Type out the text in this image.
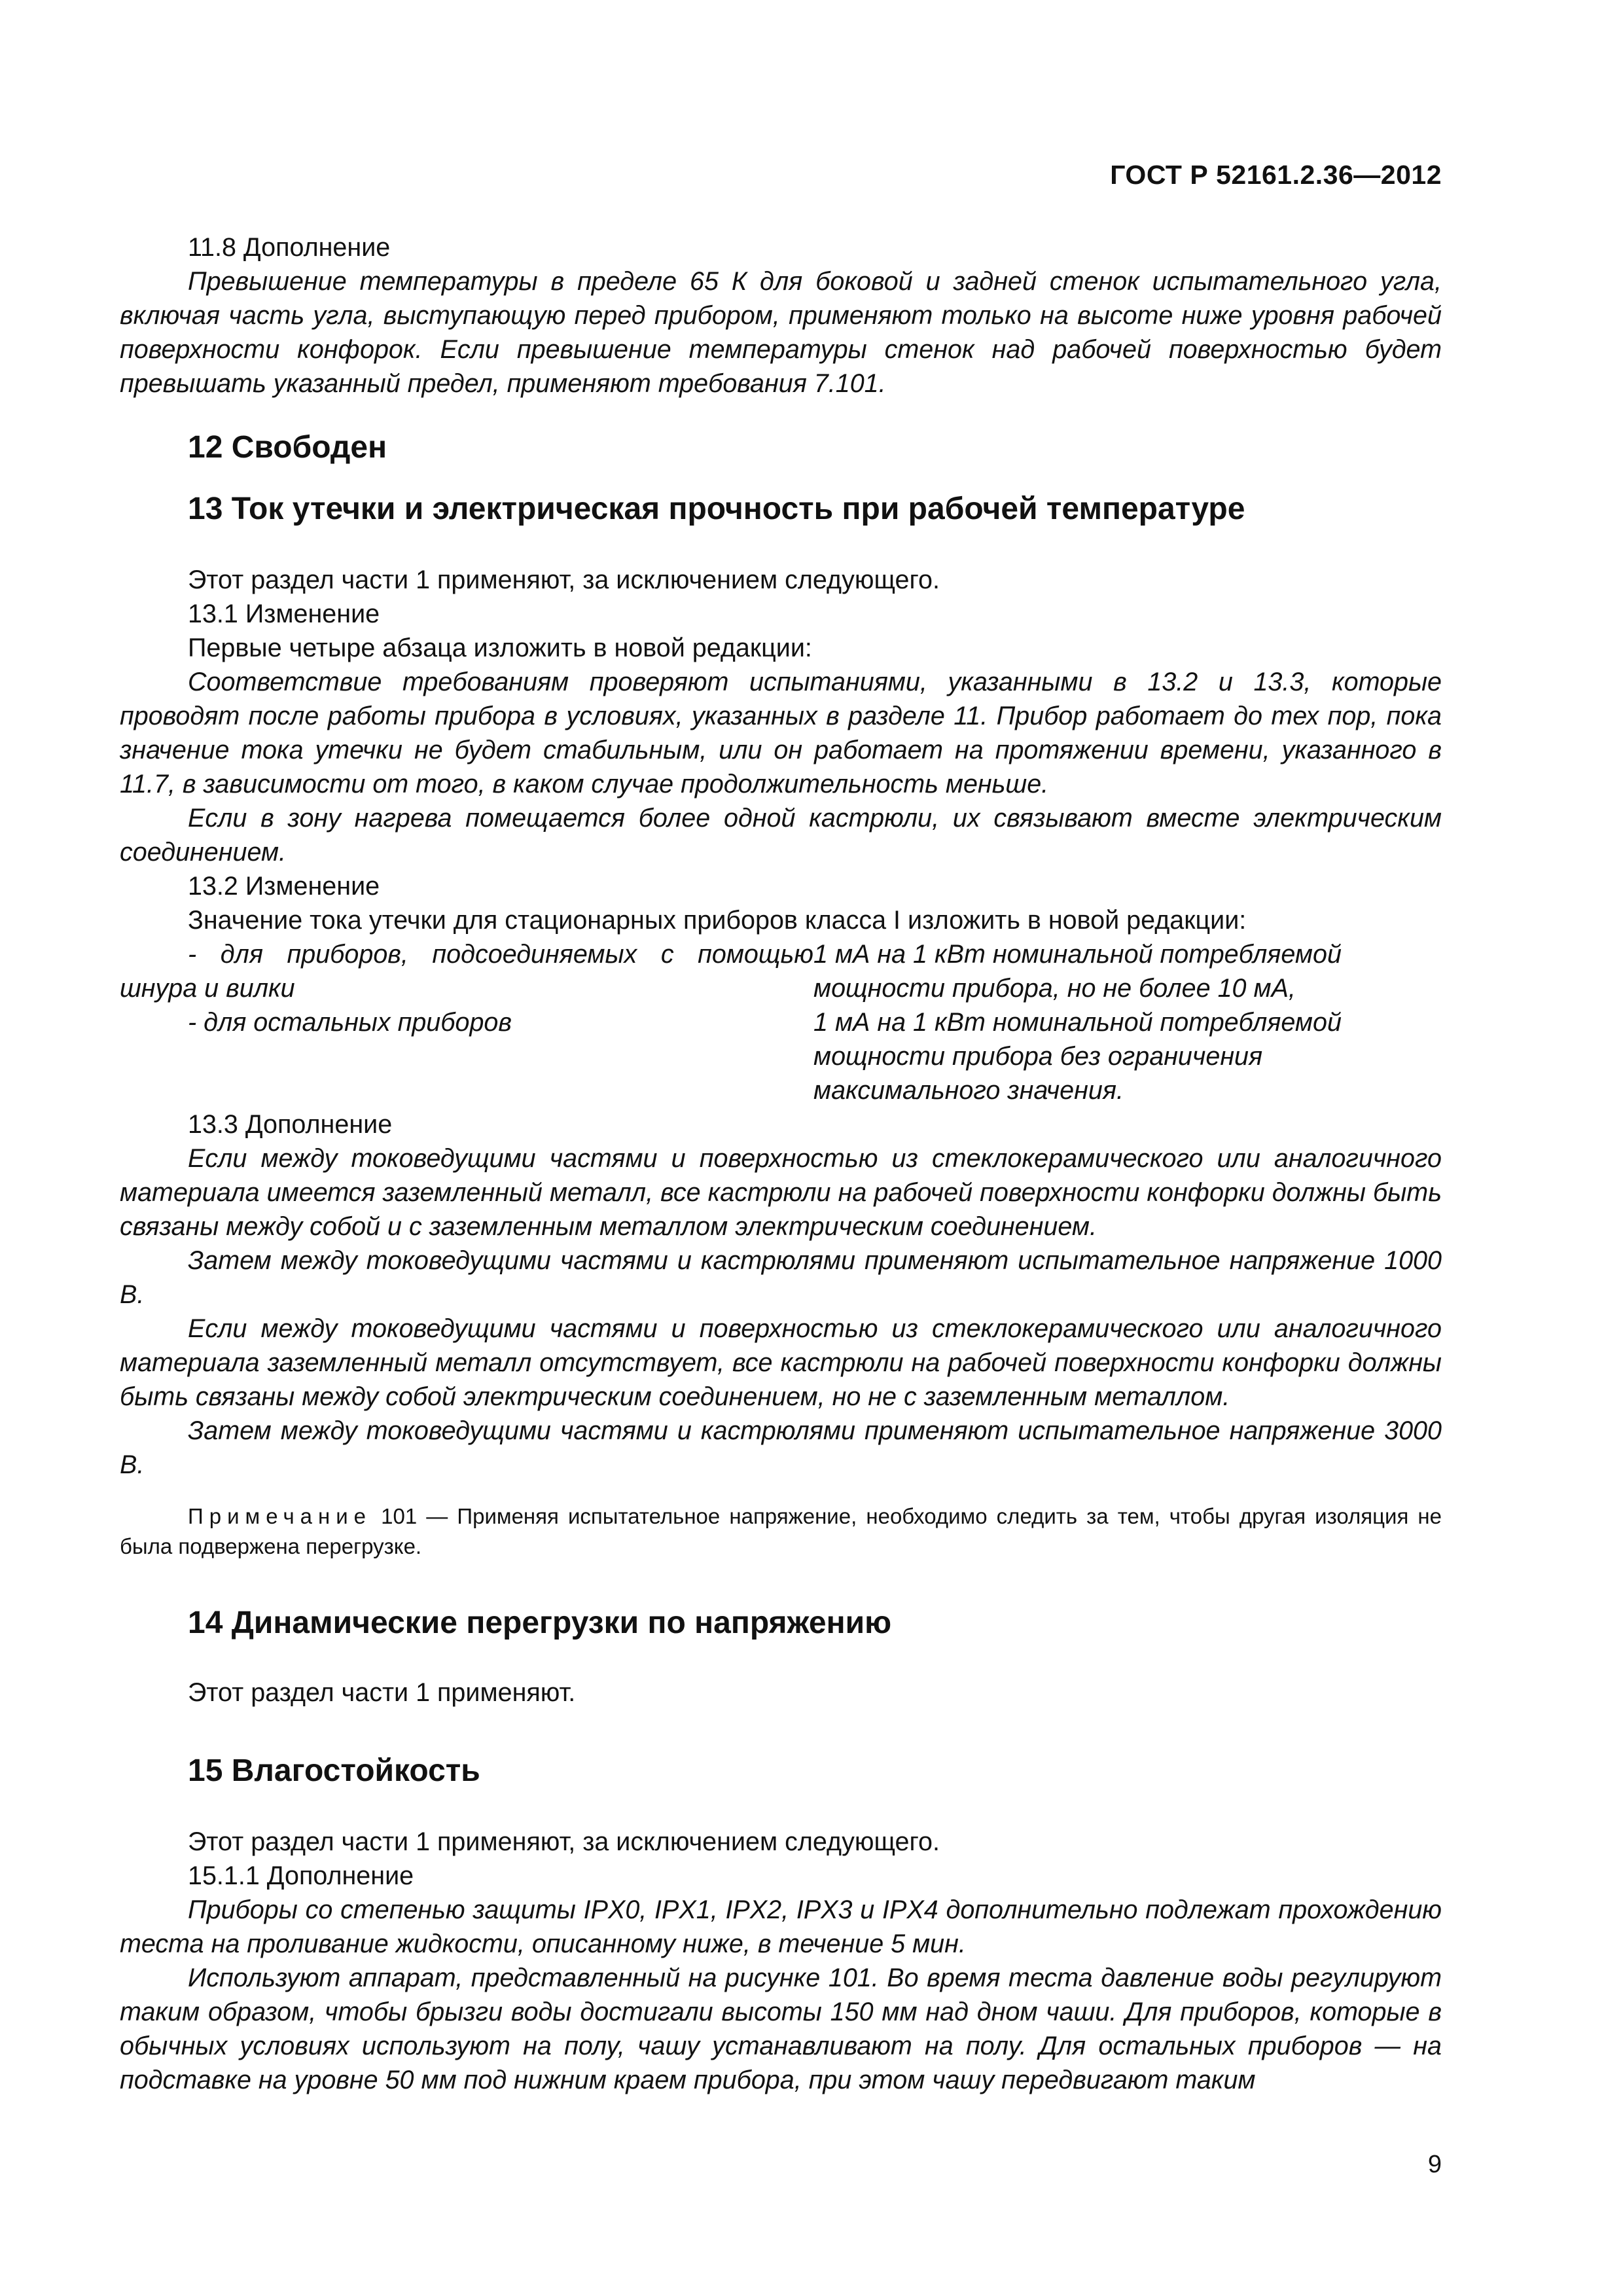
ГОСТ Р 52161.2.36—2012

11.8 Дополнение

Превышение температуры в пределе 65 К для боковой и задней стенок испытательного угла, включая часть угла, выступающую перед прибором, применяют только на высоте ниже уровня рабочей поверхности конфорок. Если превышение температуры стенок над рабочей поверхностью будет превышать указанный предел, применяют требования 7.101.

12 Свободен
13 Ток утечки и электрическая прочность при рабочей температуре

Этот раздел части 1 применяют, за исключением следующего.

13.1 Изменение

Первые четыре абзаца изложить в новой редакции:

Соответствие требованиям проверяют испытаниями, указанными в 13.2 и 13.3, которые проводят после работы прибора в условиях, указанных в разделе 11. Прибор работает до тех пор, пока значение тока утечки не будет стабильным, или он работает на протяжении времени, указанного в 11.7, в зависимости от того, в каком случае продолжительность меньше.

Если в зону нагрева помещается более одной кастрюли, их связывают вместе электрическим соединением.

13.2 Изменение

Значение тока утечки для стационарных приборов класса I изложить в новой редакции:

- для приборов, подсоединяемых с помощью шнура и вилки
1 мА на 1 кВт номинальной потребляемой мощности прибора, но не более 10 мА,
- для остальных приборов	1 мА на 1 кВт номинальной потребляемой мощности прибора без ограничения максимального значения.

13.3 Дополнение

Если между токоведущими частями и поверхностью из стеклокерамического или аналогичного материала имеется заземленный металл, все кастрюли на рабочей поверхности конфорки должны быть связаны между собой и с заземленным металлом электрическим соединением.

Затем между токоведущими частями и кастрюлями применяют испытательное напряжение 1000 В.

Если между токоведущими частями и поверхностью из стеклокерамического или аналогичного материала заземленный металл отсутствует, все кастрюли на рабочей поверхности конфорки должны быть связаны между собой электрическим соединением, но не с заземленным металлом.

Затем между токоведущими частями и кастрюлями применяют испытательное напряжение 3000 В.

Примечание 101 — Применяя испытательное напряжение, необходимо следить за тем, чтобы другая изоляция не была подвержена перегрузке.

14 Динамические перегрузки по напряжению

Этот раздел части 1 применяют.

15 Влагостойкость

Этот раздел части 1 применяют, за исключением следующего.

15.1.1 Дополнение

Приборы со степенью защиты IPX0, IPX1, IPX2, IPX3 и IPX4 дополнительно подлежат прохождению теста на проливание жидкости, описанному ниже, в течение 5 мин.

Используют аппарат, представленный на рисунке 101. Во время теста давление воды регулируют таким образом, чтобы брызги воды достигали высоты 150 мм над дном чаши. Для приборов, которые в обычных условиях используют на полу, чашу устанавливают на полу. Для остальных приборов — на подставке на уровне 50 мм под нижним краем прибора, при этом чашу передвигают таким

9
